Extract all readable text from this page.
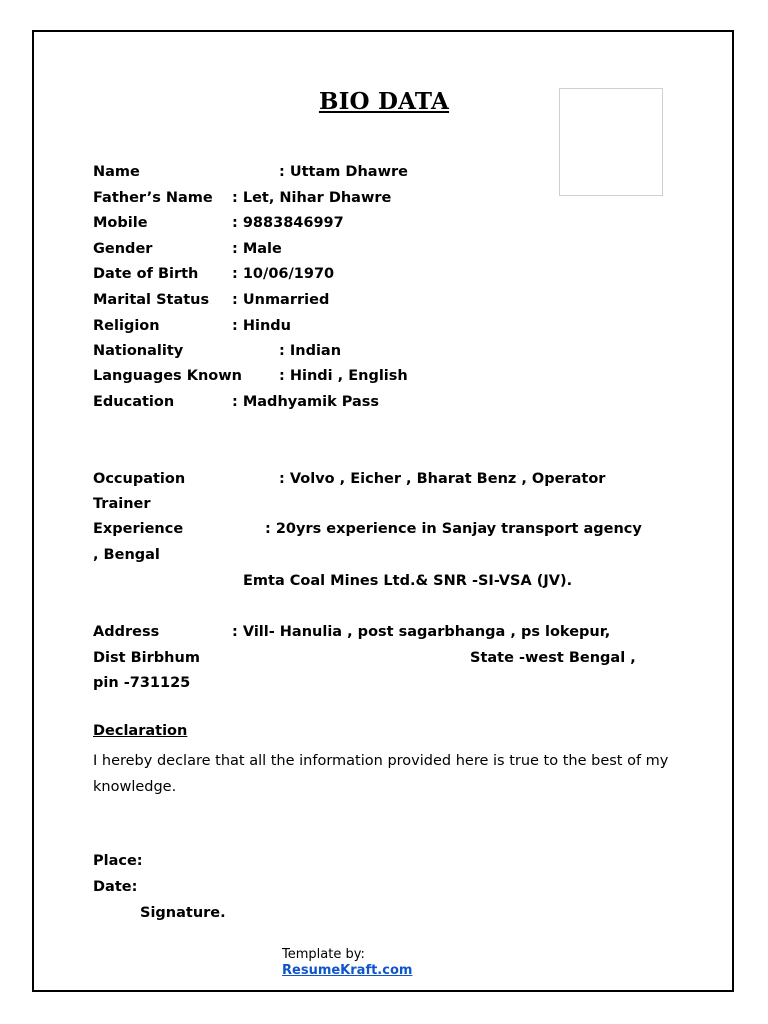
BIO DATA
Name	: Uttam Dhawre
Father’s Name : Let, Nihar Dhawre
Mobile	: 9883846997
Gender	: Male
Date of Birth : 10/06/1970
Marital Status : Unmarried
Religion	: Hindu
Nationality	: Indian
Languages Known	: Hindi , English
Education	: Madhyamik Pass
Occupation	: Volvo , Eicher , Bharat Benz , Operator
Trainer
Experience	: 20yrs experience in Sanjay transport agency
, Bengal
Emta Coal Mines Ltd.& SNR -SI-VSA (JV).
Address	: Vill- Hanulia , post sagarbhanga , ps lokepur,
Dist Birbhum	State -west Bengal ,
pin -731125
Declaration
I hereby declare that all the information provided here is true to the best of my knowledge.
Place:
Date:
Signature.
Template by:
ResumeKraft.com
